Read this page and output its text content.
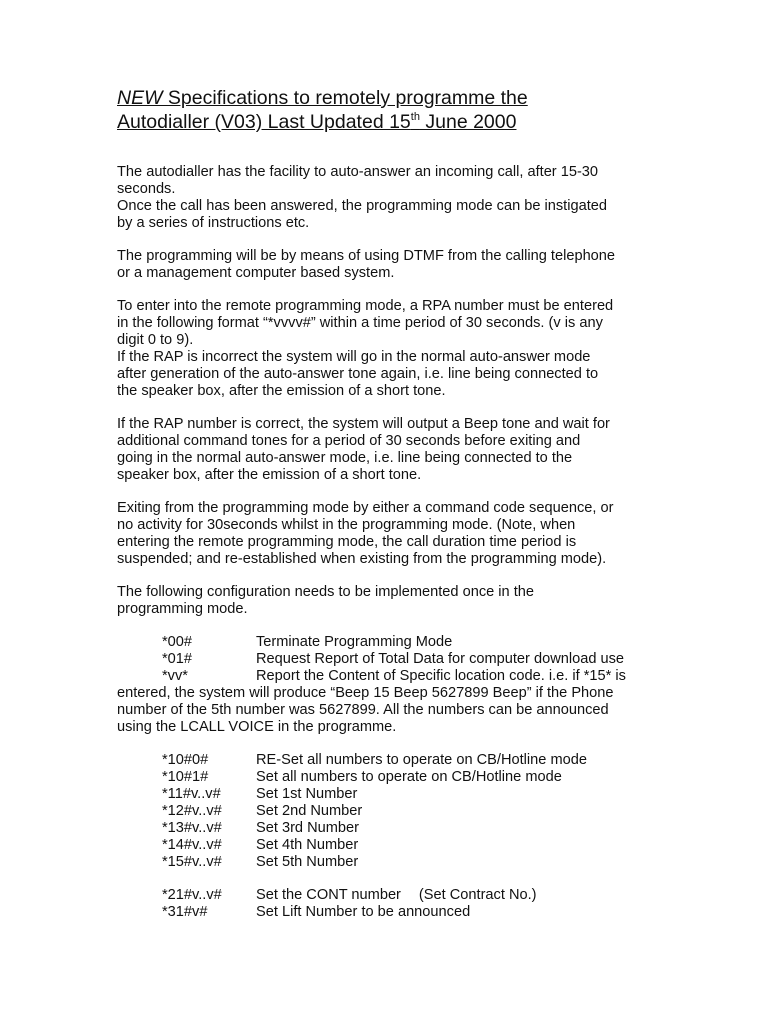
NEW Specifications to remotely programme the
Autodialler (V03) Last Updated 15th June 2000
The autodialler has the facility to auto-answer an incoming call, after 15-30
seconds.
Once the call has been answered, the programming mode can be instigated
by a series of instructions etc.
The programming will be by means of using DTMF from the calling telephone
or a management computer based system.
To enter into the remote programming mode, a RPA number must be entered
in the following format “*vvvv#” within a time period of 30 seconds. (v is any
digit 0 to 9).
If the RAP is incorrect the system will go in the normal auto-answer mode
after generation of the auto-answer tone again, i.e. line being connected to
the speaker box, after the emission of a short tone.
If the RAP number is correct, the system will output a Beep tone and wait for
additional command tones for a period of 30 seconds before exiting and
going in the normal auto-answer mode, i.e. line being connected to the
speaker box, after the emission of a short tone.
Exiting from the programming mode by either a command code sequence, or
no activity for 30seconds whilst in the programming mode. (Note, when
entering the remote programming mode, the call duration time period is
suspended; and re-established when existing from the programming mode).
The following configuration needs to be implemented once in the
programming mode.
*00#	Terminate Programming Mode
*01#	Request Report of Total Data for computer download use
*vv*	Report the Content of Specific location code. i.e. if *15* is
entered, the system will produce “Beep 15 Beep 5627899 Beep” if the Phone
number of the 5th number was 5627899. All the numbers can be announced
using the LCALL VOICE in the programme.
*10#0#	RE-Set all numbers to operate on CB/Hotline mode
*10#1#	Set all numbers to operate on CB/Hotline mode
*11#v..v#	Set 1st Number
*12#v..v#	Set 2nd Number
*13#v..v#	Set 3rd Number
*14#v..v#	Set 4th Number
*15#v..v#	Set 5th Number
*21#v..v#	Set the CONT number (Set Contract No.)
*31#v#	Set Lift Number to be announced
